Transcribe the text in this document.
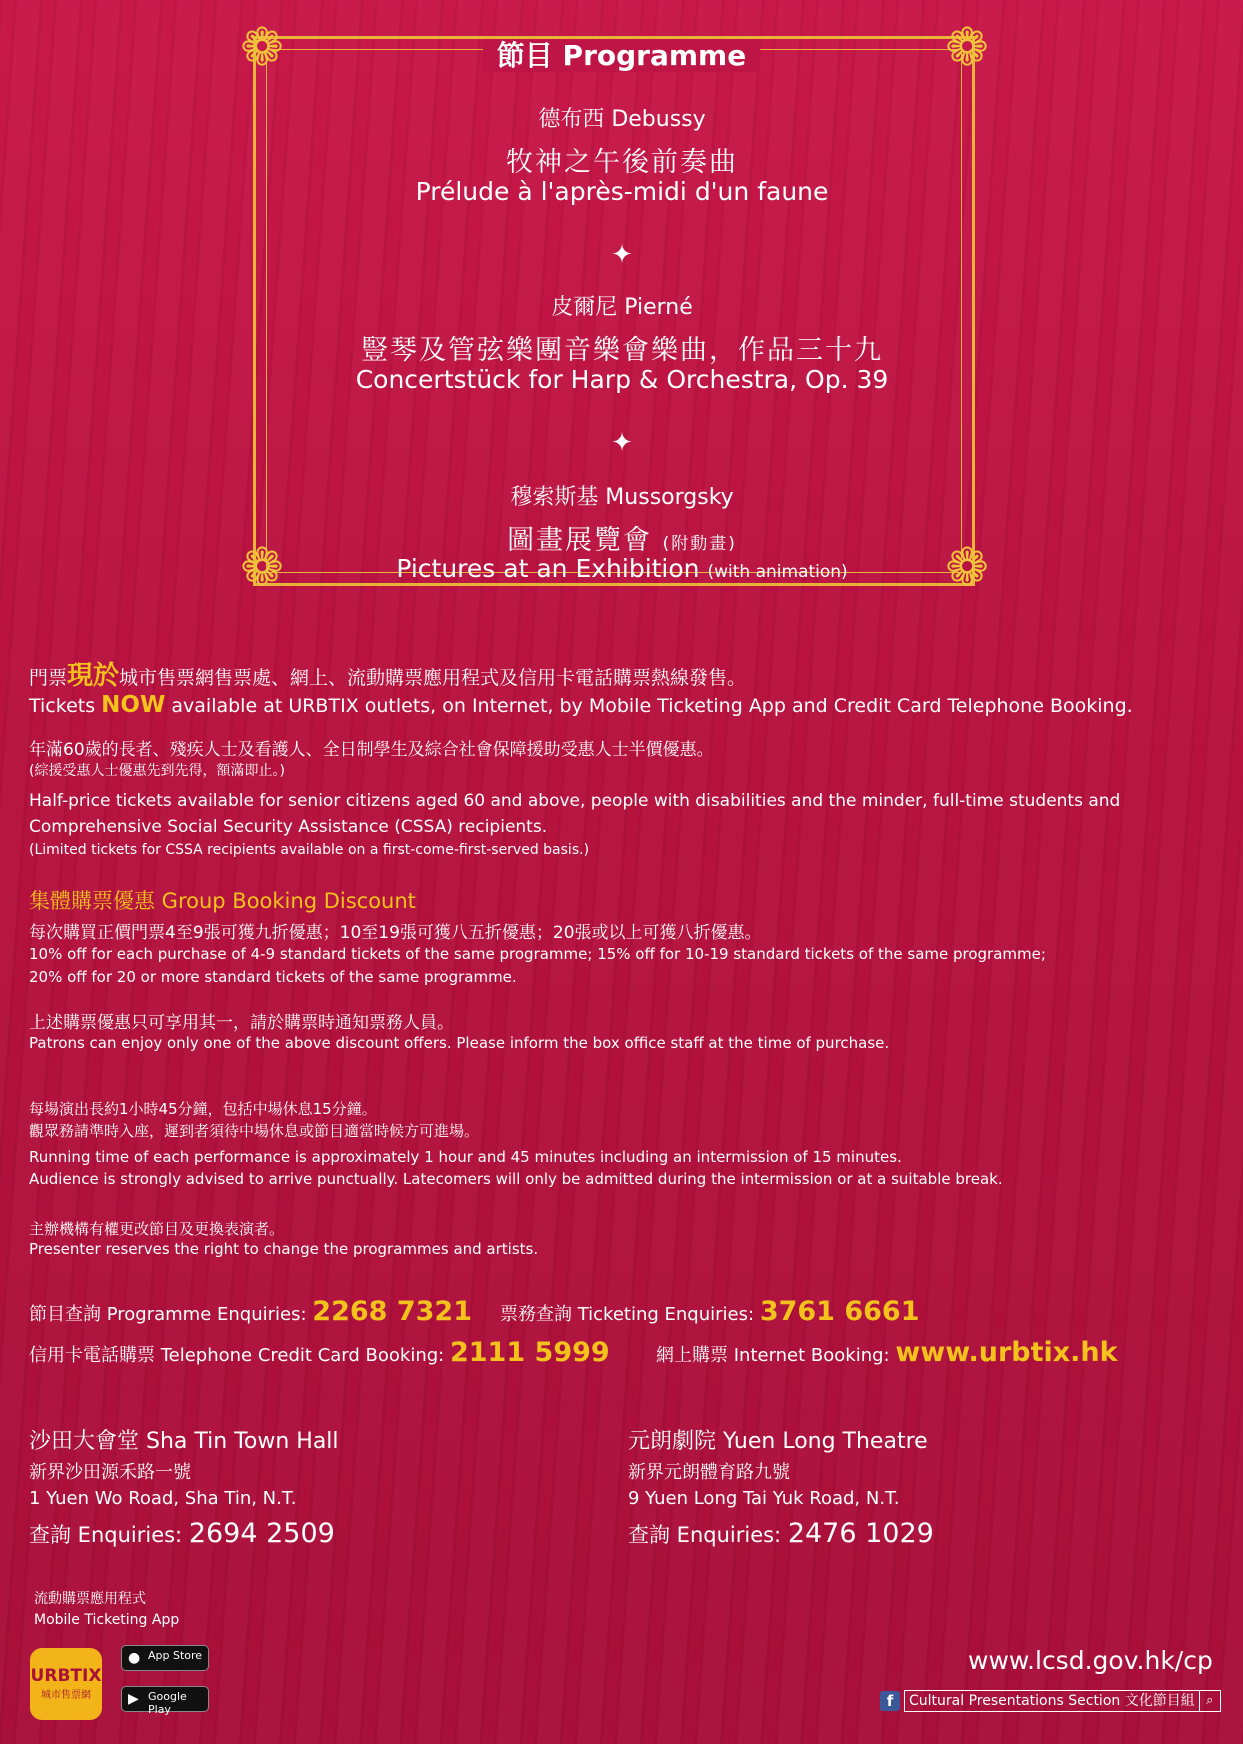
❁	❁
❁	❁
節目 Programme
德布西 Debussy
牧神之午後前奏曲
Prélude à l'après-midi d'un faune
✦
皮爾尼 Pierné
豎琴及管弦樂團音樂會樂曲，作品三十九
Concertstück for Harp & Orchestra, Op. 39
✦
穆索斯基 Mussorgsky
圖畫展覽會 (附動畫)
Pictures at an Exhibition (with animation)
門票現於城市售票網售票處、網上、流動購票應用程式及信用卡電話購票熱線發售。
Tickets NOW available at URBTIX outlets, on Internet, by Mobile Ticketing App and Credit Card Telephone Booking.
年滿60歲的長者、殘疾人士及看護人、全日制學生及綜合社會保障援助受惠人士半價優惠。
(綜援受惠人士優惠先到先得，額滿即止。)
Half-price tickets available for senior citizens aged 60 and above, people with disabilities and the minder, full-time students and
Comprehensive Social Security Assistance (CSSA) recipients.
(Limited tickets for CSSA recipients available on a first-come-first-served basis.)
集體購票優惠 Group Booking Discount
每次購買正價門票4至9張可獲九折優惠；10至19張可獲八五折優惠；20張或以上可獲八折優惠。
10% off for each purchase of 4-9 standard tickets of the same programme; 15% off for 10-19 standard tickets of the same programme;
20% off for 20 or more standard tickets of the same programme.
上述購票優惠只可享用其一，請於購票時通知票務人員。
Patrons can enjoy only one of the above discount offers. Please inform the box office staff at the time of purchase.
每場演出長約1小時45分鐘，包括中場休息15分鐘。
觀眾務請準時入座，遲到者須待中場休息或節目適當時候方可進場。
Running time of each performance is approximately 1 hour and 45 minutes including an intermission of 15 minutes.
Audience is strongly advised to arrive punctually. Latecomers will only be admitted during the intermission or at a suitable break.
主辦機構有權更改節目及更換表演者。
Presenter reserves the right to change the programmes and artists.
節目查詢 Programme Enquiries: 2268 7321 票務查詢 Ticketing Enquiries: 3761 6661
信用卡電話購票 Telephone Credit Card Booking: 2111 5999	網上購票 Internet Booking: www.urbtix.hk
沙田大會堂 Sha Tin Town Hall
新界沙田源禾路一號
1 Yuen Wo Road, Sha Tin, N.T.
查詢 Enquiries: 2694 2509
元朗劇院 Yuen Long Theatre
新界元朗體育路九號
9 Yuen Long Tai Yuk Road, N.T.
查詢 Enquiries: 2476 1029
流動購票應用程式
Mobile Ticketing App
URBTIX
城市售票網
● App Store
▶ Google Play
www.lcsd.gov.hk/cp
f	Cultural Presentations Section 文化節目組 ⌕
